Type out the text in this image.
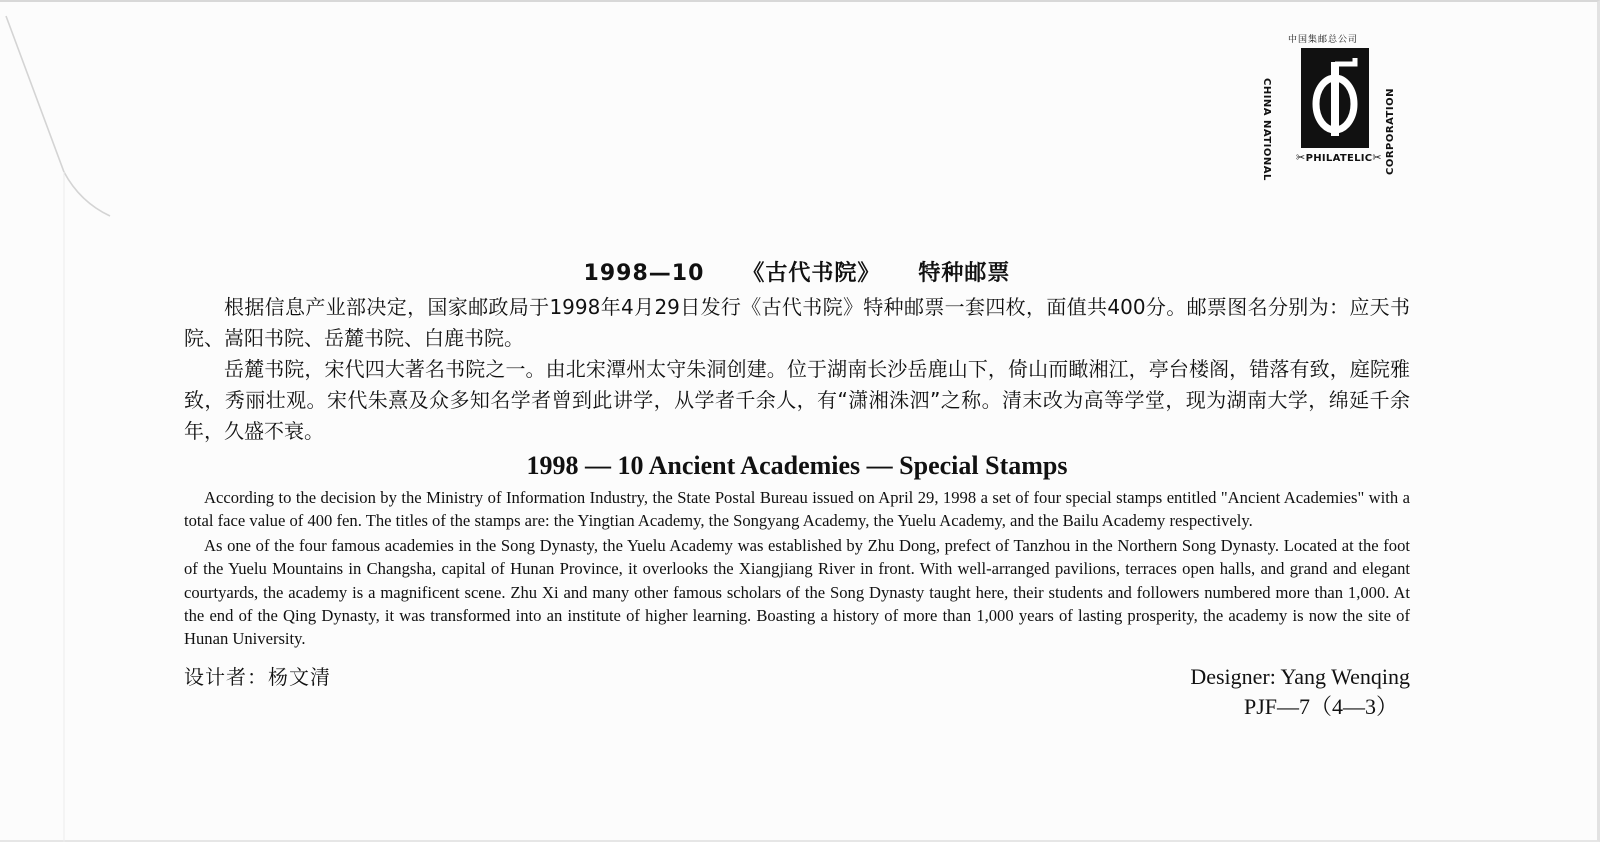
中国集邮总公司
CHINA NATIONAL	CORPORATION
✂PHILATELIC✂
1998—10 《古代书院》 特种邮票

根据信息产业部决定，国家邮政局于1998年4月29日发行《古代书院》特种邮票一套四枚，面值共400分。邮票图名分别为：应天书院、嵩阳书院、岳麓书院、白鹿书院。

岳麓书院，宋代四大著名书院之一。由北宋潭州太守朱洞创建。位于湖南长沙岳鹿山下，倚山而瞰湘江，亭台楼阁，错落有致，庭院雅致，秀丽壮观。宋代朱熹及众多知名学者曾到此讲学，从学者千余人，有“潇湘洙泗”之称。清末改为高等学堂，现为湖南大学，绵延千余年，久盛不衰。

1998 — 10 Ancient Academies — Special Stamps

According to the decision by the Ministry of Information Industry, the State Postal Bureau issued on April 29, 1998 a set of four special stamps entitled "Ancient Academies" with a total face value of 400 fen. The titles of the stamps are: the Yingtian Academy, the Songyang Academy, the Yuelu Academy, and the Bailu Academy respectively.

As one of the four famous academies in the Song Dynasty, the Yuelu Academy was established by Zhu Dong, prefect of Tanzhou in the Northern Song Dynasty. Located at the foot of the Yuelu Mountains in Changsha, capital of Hunan Province, it overlooks the Xiangjiang River in front. With well-arranged pavilions, terraces open halls, and grand and elegant courtyards, the academy is a magnificent scene. Zhu Xi and many other famous scholars of the Song Dynasty taught here, their students and followers numbered more than 1,000. At the end of the Qing Dynasty, it was transformed into an institute of higher learning. Boasting a history of more than 1,000 years of lasting prosperity, the academy is now the site of Hunan University.

设计者：杨文清	Designer: Yang Wenqing
PJF—7（4—3）
